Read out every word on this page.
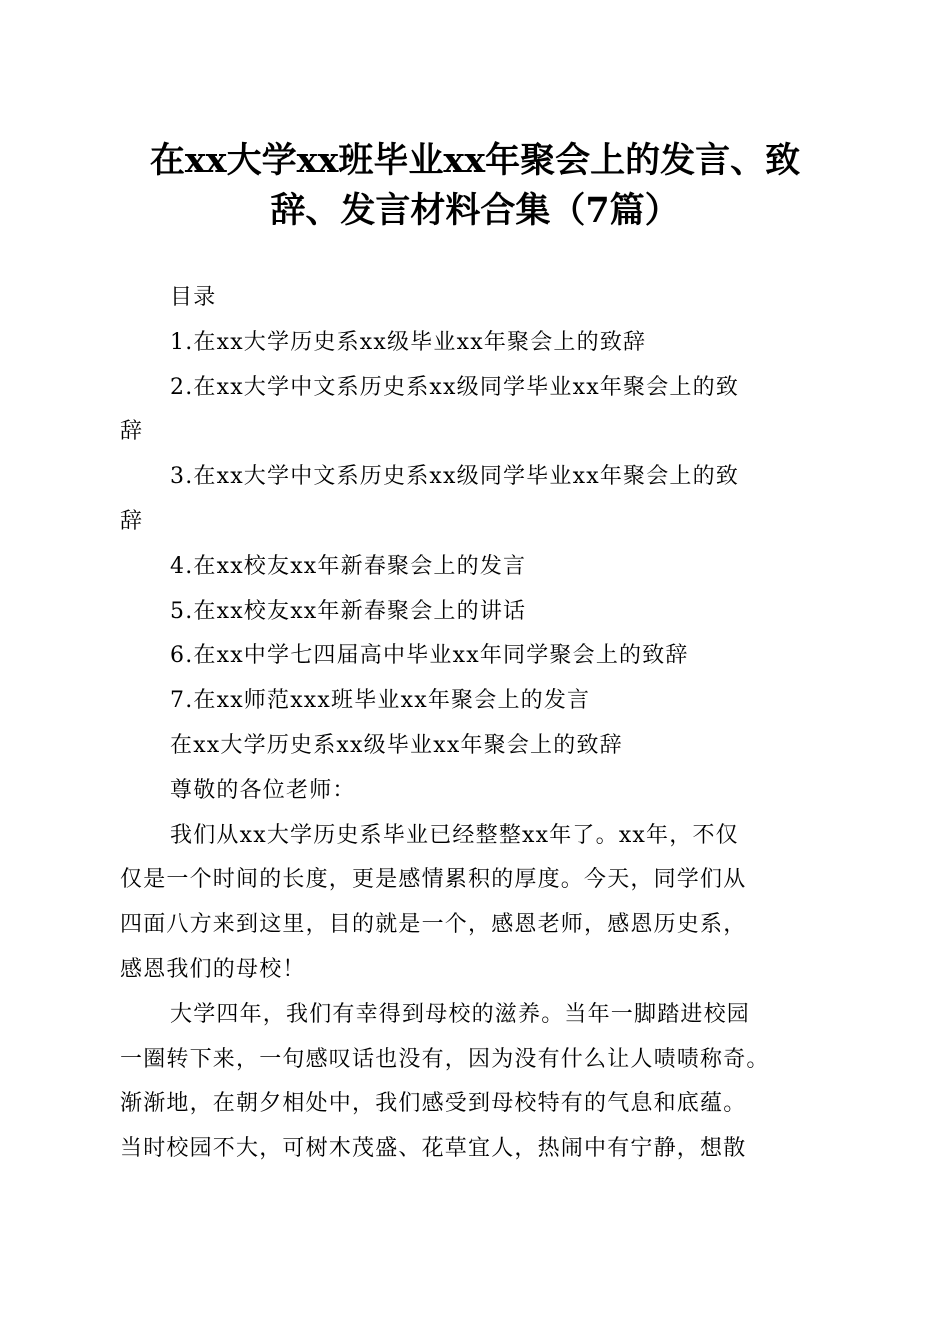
在xx大学xx班毕业xx年聚会上的发言、致
辞、发言材料合集（7篇）
目录
1.在xx大学历史系xx级毕业xx年聚会上的致辞
2.在xx大学中文系历史系xx级同学毕业xx年聚会上的致
辞
3.在xx大学中文系历史系xx级同学毕业xx年聚会上的致
辞
4.在xx校友xx年新春聚会上的发言
5.在xx校友xx年新春聚会上的讲话
6.在xx中学七四届高中毕业xx年同学聚会上的致辞
7.在xx师范xxx班毕业xx年聚会上的发言
在xx大学历史系xx级毕业xx年聚会上的致辞
尊敬的各位老师：
我们从xx大学历史系毕业已经整整xx年了。xx年，不仅
仅是一个时间的长度，更是感情累积的厚度。今天，同学们从
四面八方来到这里，目的就是一个，感恩老师，感恩历史系，
感恩我们的母校！
大学四年，我们有幸得到母校的滋养。当年一脚踏进校园
一圈转下来，一句感叹话也没有，因为没有什么让人啧啧称奇。
渐渐地，在朝夕相处中，我们感受到母校特有的气息和底蕴。
当时校园不大，可树木茂盛、花草宜人，热闹中有宁静，想散
